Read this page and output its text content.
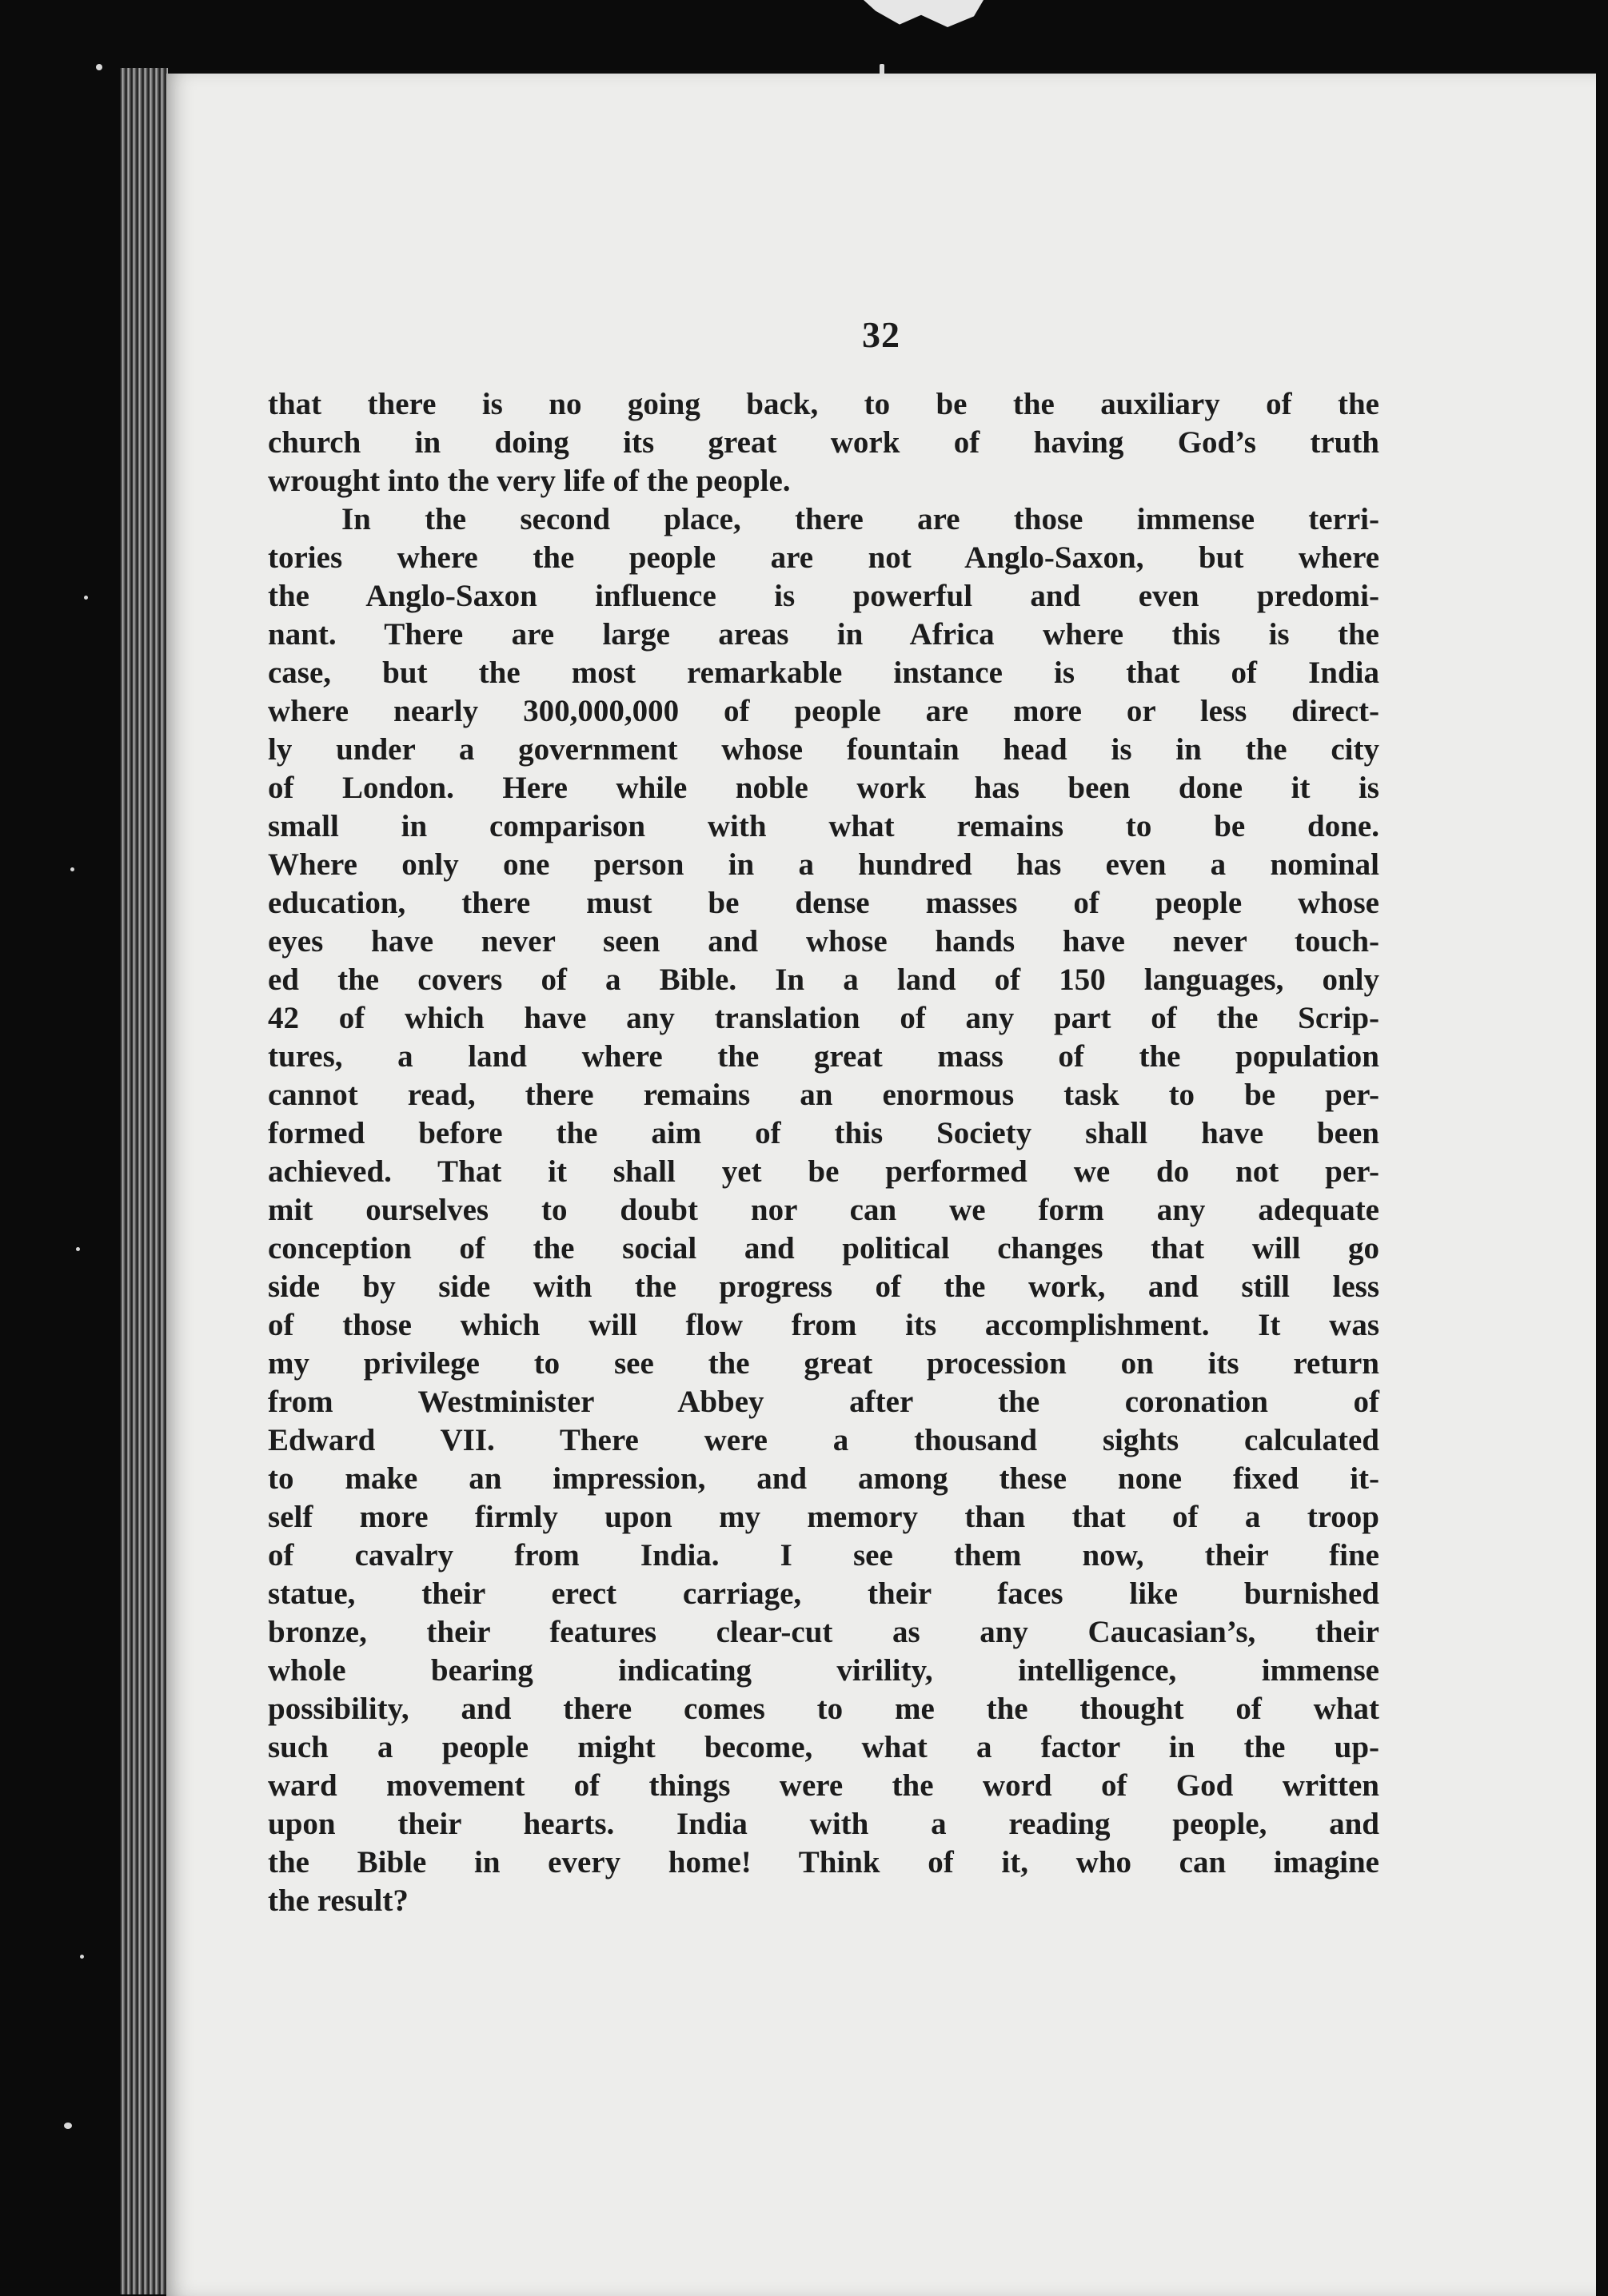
32
that there is no going back, to be the auxiliary of the
church in doing its great work of having God’s truth
wrought into the very life of the people.
In the second place, there are those immense terri-
tories where the people are not Anglo-Saxon, but where
the Anglo-Saxon influence is powerful and even predomi-
nant. There are large areas in Africa where this is the
case, but the most remarkable instance is that of India
where nearly 300,000,000 of people are more or less direct-
ly under a government whose fountain head is in the city
of London. Here while noble work has been done it is
small in comparison with what remains to be done.
Where only one person in a hundred has even a nominal
education, there must be dense masses of people whose
eyes have never seen and whose hands have never touch-
ed the covers of a Bible. In a land of 150 languages, only
42 of which have any translation of any part of the Scrip-
tures, a land where the great mass of the population
cannot read, there remains an enormous task to be per-
formed before the aim of this Society shall have been
achieved. That it shall yet be performed we do not per-
mit ourselves to doubt nor can we form any adequate
conception of the social and political changes that will go
side by side with the progress of the work, and still less
of those which will flow from its accomplishment. It was
my privilege to see the great procession on its return
from Westminister Abbey after the coronation of
Edward VII. There were a thousand sights calculated
to make an impression, and among these none fixed it-
self more firmly upon my memory than that of a troop
of cavalry from India. I see them now, their fine
statue, their erect carriage, their faces like burnished
bronze, their features clear-cut as any Caucasian’s, their
whole bearing indicating virility, intelligence, immense
possibility, and there comes to me the thought of what
such a people might become, what a factor in the up-
ward movement of things were the word of God written
upon their hearts. India with a reading people, and
the Bible in every home! Think of it, who can imagine
the result?
